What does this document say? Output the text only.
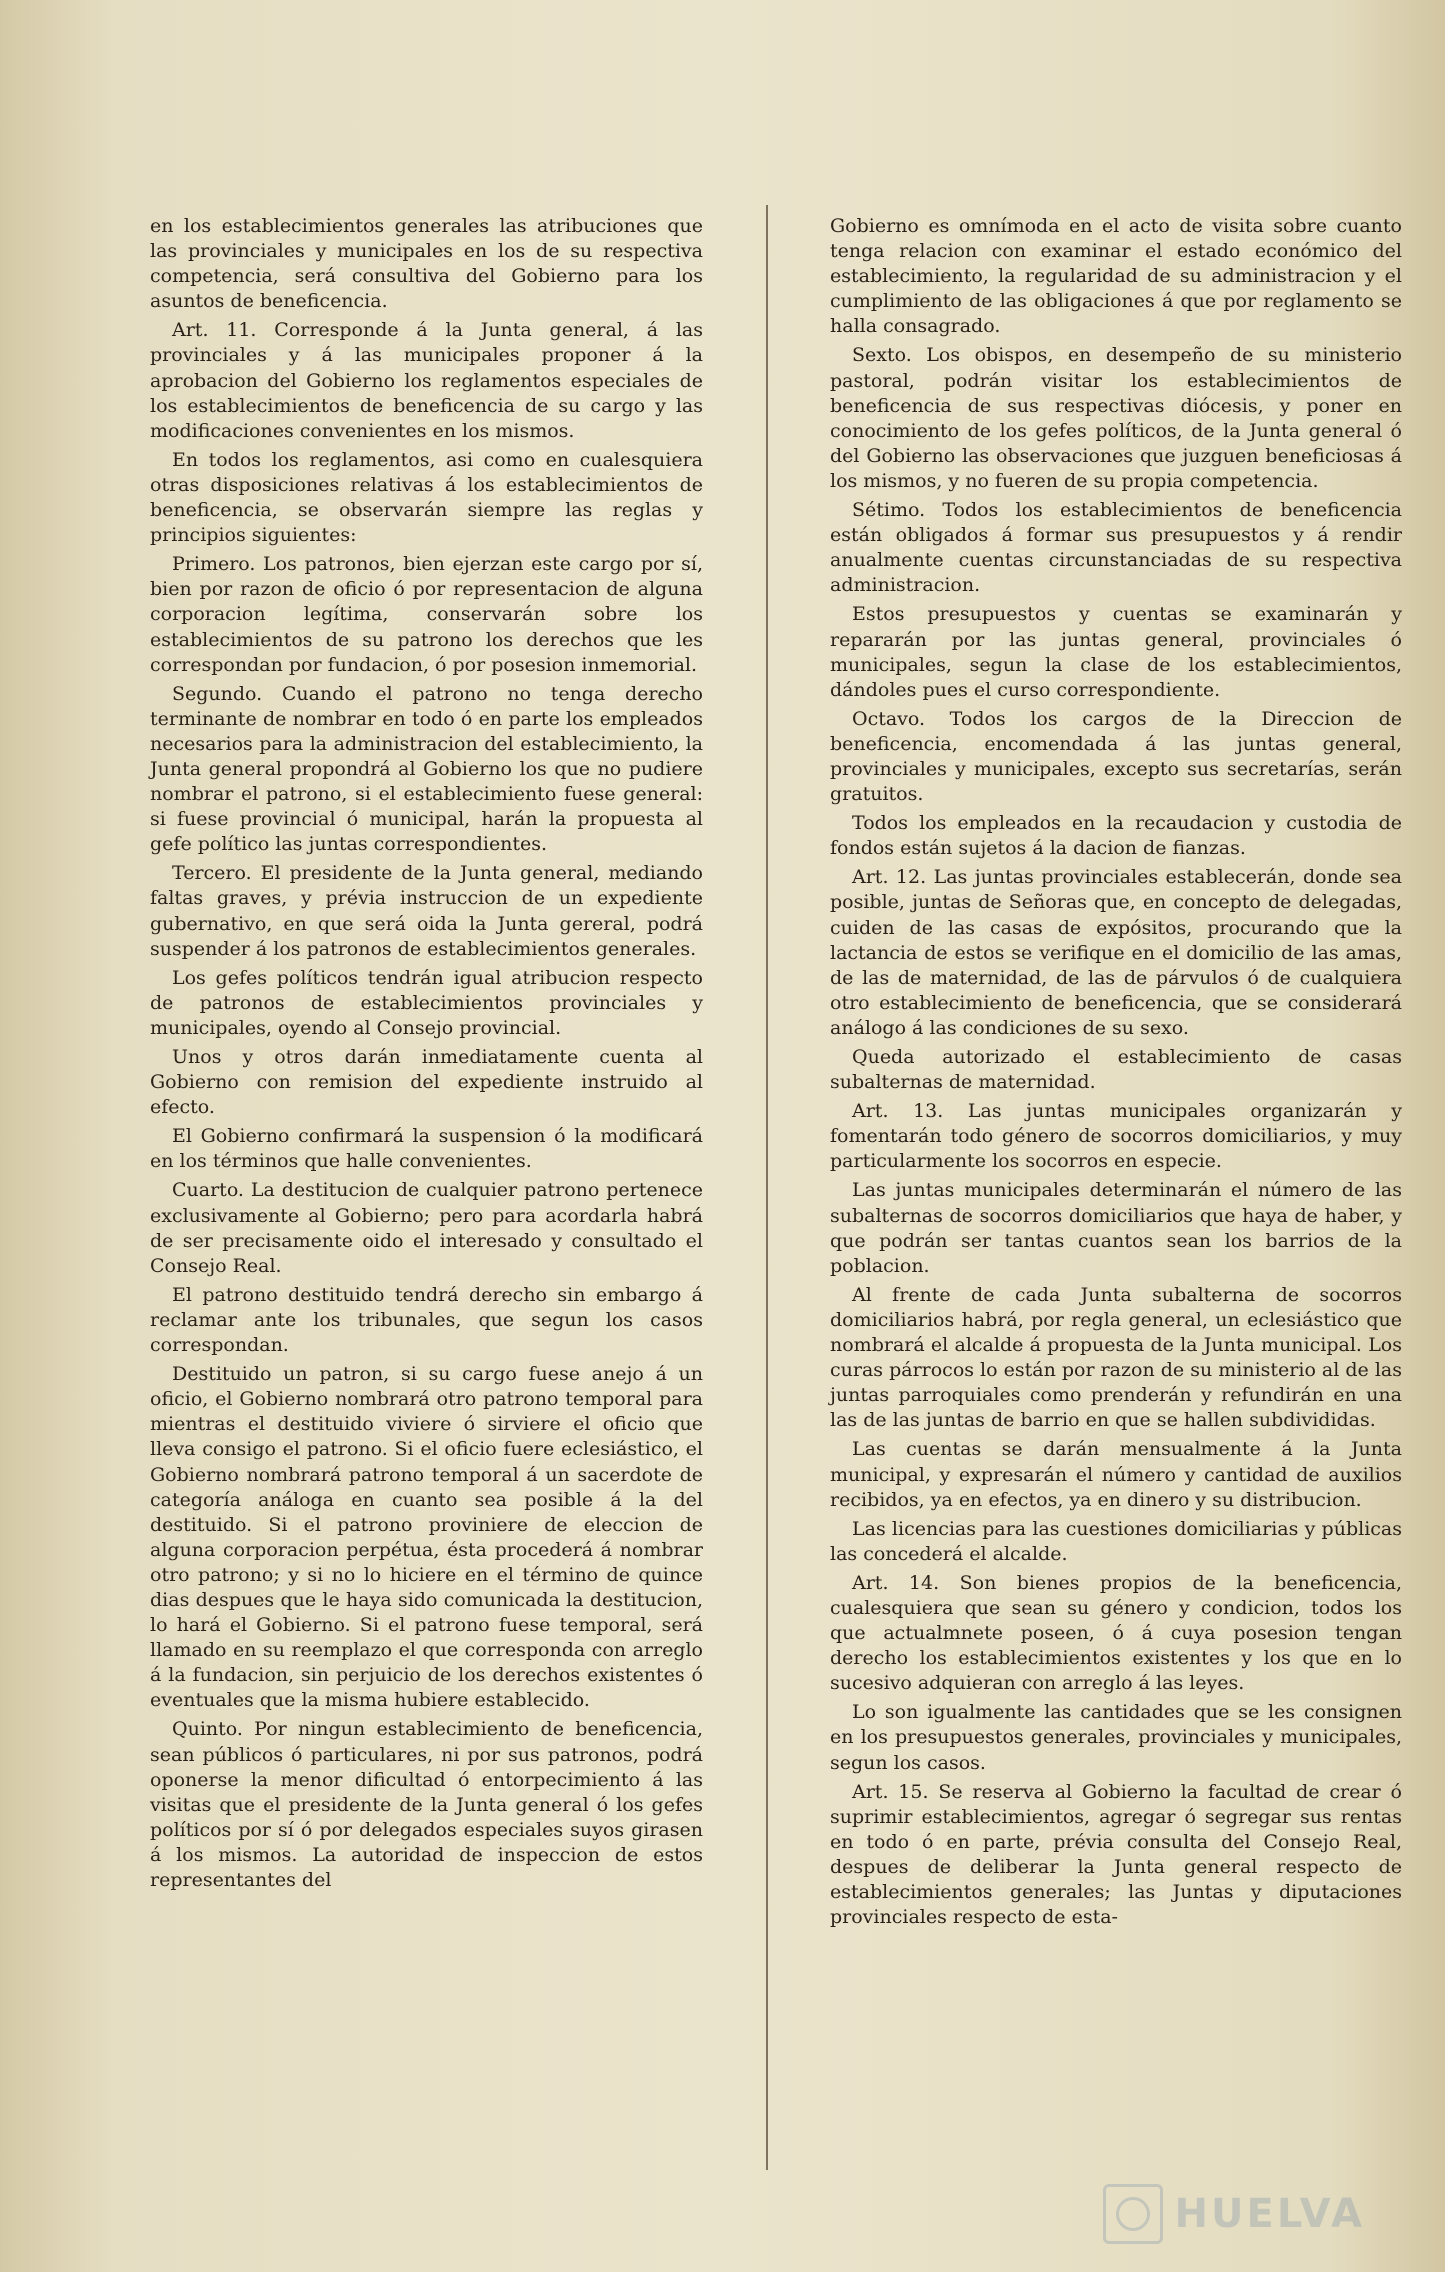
en los establecimientos generales las atribuciones que las provinciales y municipales en los de su respectiva competencia, será consultiva del Gobierno para los asuntos de beneficencia.

Art. 11. Corresponde á la Junta general, á las provinciales y á las municipales proponer á la aprobacion del Gobierno los reglamentos especiales de los establecimientos de beneficencia de su cargo y las modificaciones convenientes en los mismos.

En todos los reglamentos, asi como en cualesquiera otras disposiciones relativas á los establecimientos de beneficencia, se observarán siempre las reglas y principios siguientes:

Primero. Los patronos, bien ejerzan este cargo por sí, bien por razon de oficio ó por representacion de alguna corporacion legítima, conservarán sobre los establecimientos de su patrono los derechos que les correspondan por fundacion, ó por posesion inmemorial.

Segundo. Cuando el patrono no tenga derecho terminante de nombrar en todo ó en parte los empleados necesarios para la administracion del establecimiento, la Junta general propondrá al Gobierno los que no pudiere nombrar el patrono, si el establecimiento fuese general: si fuese provincial ó municipal, harán la propuesta al gefe político las juntas correspondientes.

Tercero. El presidente de la Junta general, mediando faltas graves, y prévia instruccion de un expediente gubernativo, en que será oida la Junta gereral, podrá suspender á los patronos de establecimientos generales.

Los gefes políticos tendrán igual atribucion respecto de patronos de establecimientos provinciales y municipales, oyendo al Consejo provincial.

Unos y otros darán inmediatamente cuenta al Gobierno con remision del expediente instruido al efecto.

El Gobierno confirmará la suspension ó la modificará en los términos que halle convenientes.

Cuarto. La destitucion de cualquier patrono pertenece exclusivamente al Gobierno; pero para acordarla habrá de ser precisamente oido el interesado y consultado el Consejo Real.

El patrono destituido tendrá derecho sin embargo á reclamar ante los tribunales, que segun los casos correspondan.

Destituido un patron, si su cargo fuese anejo á un oficio, el Gobierno nombrará otro patrono temporal para mientras el destituido viviere ó sirviere el oficio que lleva consigo el patrono. Si el oficio fuere eclesiástico, el Gobierno nombrará patrono temporal á un sacerdote de categoría análoga en cuanto sea posible á la del destituido. Si el patrono proviniere de eleccion de alguna corporacion perpétua, ésta procederá á nombrar otro patrono; y si no lo hiciere en el término de quince dias despues que le haya sido comunicada la destitucion, lo hará el Gobierno. Si el patrono fuese temporal, será llamado en su reemplazo el que corresponda con arreglo á la fundacion, sin perjuicio de los derechos existentes ó eventuales que la misma hubiere establecido.

Quinto. Por ningun establecimiento de beneficencia, sean públicos ó particulares, ni por sus patronos, podrá oponerse la menor dificultad ó entorpecimiento á las visitas que el presidente de la Junta general ó los gefes políticos por sí ó por delegados especiales suyos girasen á los mismos. La autoridad de inspeccion de estos representantes del

Gobierno es omnímoda en el acto de visita sobre cuanto tenga relacion con examinar el estado económico del establecimiento, la regularidad de su administracion y el cumplimiento de las obligaciones á que por reglamento se halla consagrado.

Sexto. Los obispos, en desempeño de su ministerio pastoral, podrán visitar los establecimientos de beneficencia de sus respectivas diócesis, y poner en conocimiento de los gefes políticos, de la Junta general ó del Gobierno las observaciones que juzguen beneficiosas á los mismos, y no fueren de su propia competencia.

Sétimo. Todos los establecimientos de beneficencia están obligados á formar sus presupuestos y á rendir anualmente cuentas circunstanciadas de su respectiva administracion.

Estos presupuestos y cuentas se examinarán y repararán por las juntas general, provinciales ó municipales, segun la clase de los establecimientos, dándoles pues el curso correspondiente.

Octavo. Todos los cargos de la Direccion de beneficencia, encomendada á las juntas general, provinciales y municipales, excepto sus secretarías, serán gratuitos.

Todos los empleados en la recaudacion y custodia de fondos están sujetos á la dacion de fianzas.

Art. 12. Las juntas provinciales establecerán, donde sea posible, juntas de Señoras que, en concepto de delegadas, cuiden de las casas de expósitos, procurando que la lactancia de estos se verifique en el domicilio de las amas, de las de maternidad, de las de párvulos ó de cualquiera otro establecimiento de beneficencia, que se considerará análogo á las condiciones de su sexo.

Queda autorizado el establecimiento de casas subalternas de maternidad.

Art. 13. Las juntas municipales organizarán y fomentarán todo género de socorros domiciliarios, y muy particularmente los socorros en especie.

Las juntas municipales determinarán el número de las subalternas de socorros domiciliarios que haya de haber, y que podrán ser tantas cuantos sean los barrios de la poblacion.

Al frente de cada Junta subalterna de socorros domiciliarios habrá, por regla general, un eclesiástico que nombrará el alcalde á propuesta de la Junta municipal. Los curas párrocos lo están por razon de su ministerio al de las juntas parroquiales como prenderán y refundirán en una las de las juntas de barrio en que se hallen subdivididas.

Las cuentas se darán mensualmente á la Junta municipal, y expresarán el número y cantidad de auxilios recibidos, ya en efectos, ya en dinero y su distribucion.

Las licencias para las cuestiones domiciliarias y públicas las concederá el alcalde.

Art. 14. Son bienes propios de la beneficencia, cualesquiera que sean su género y condicion, todos los que actualmnete poseen, ó á cuya posesion tengan derecho los establecimientos existentes y los que en lo sucesivo adquieran con arreglo á las leyes.

Lo son igualmente las cantidades que se les consignen en los presupuestos generales, provinciales y municipales, segun los casos.

Art. 15. Se reserva al Gobierno la facultad de crear ó suprimir establecimientos, agregar ó segregar sus rentas en todo ó en parte, prévia consulta del Consejo Real, despues de deliberar la Junta general respecto de establecimientos generales; las Juntas y diputaciones provinciales respecto de esta-

HUELVA
